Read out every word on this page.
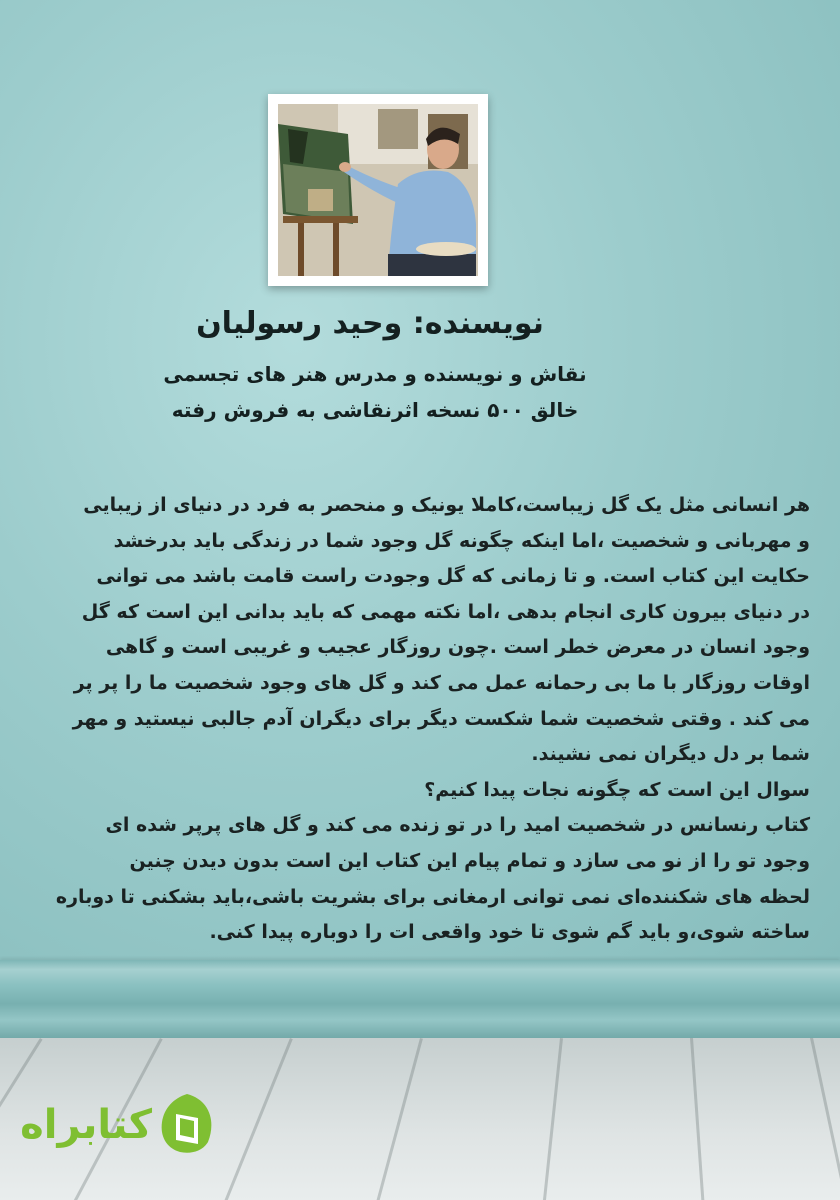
نویسنده: وحید رسولیان
نقاش و نویسنده و مدرس هنر های تجسمی
خالق ۵۰۰ نسخه اثرنقاشی به فروش رفته

هر انسانی مثل یک گل زیباست،کاملا یونیک و منحصر به فرد در دنیای از زیبایی

و مهربانی و شخصیت ،اما اینکه چگونه گل وجود شما در زندگی باید بدرخشد

حکایت این کتاب است. و تا زمانی که گل وجودت راست قامت باشد می توانی

در دنیای بیرون کاری انجام بدهی ،اما نکته مهمی که باید بدانی این است که گل

وجود انسان در معرض خطر است .چون روزگار عجیب و غریبی است و گاهی

اوقات روزگار با ما بی رحمانه عمل می کند و گل های وجود شخصیت ما را پر پر

می کند . وقتی شخصیت شما شکست دیگر برای دیگران آدم جالبی نیستید و مهر

شما بر دل دیگران نمی نشیند.

سوال این است که چگونه نجات پیدا کنیم؟

کتاب رنسانس در شخصیت امید را در تو زنده می کند و گل های پرپر شده ای

وجود تو را از نو می سازد و تمام پیام این کتاب این است بدون دیدن چنین

لحظه های شکننده‌ای نمی توانی ارمغانی برای بشریت باشی،باید بشکنی تا دوباره

ساخته شوی،و باید گم شوی تا خود واقعی ات را دوباره پیدا کنی.

کتابراه
